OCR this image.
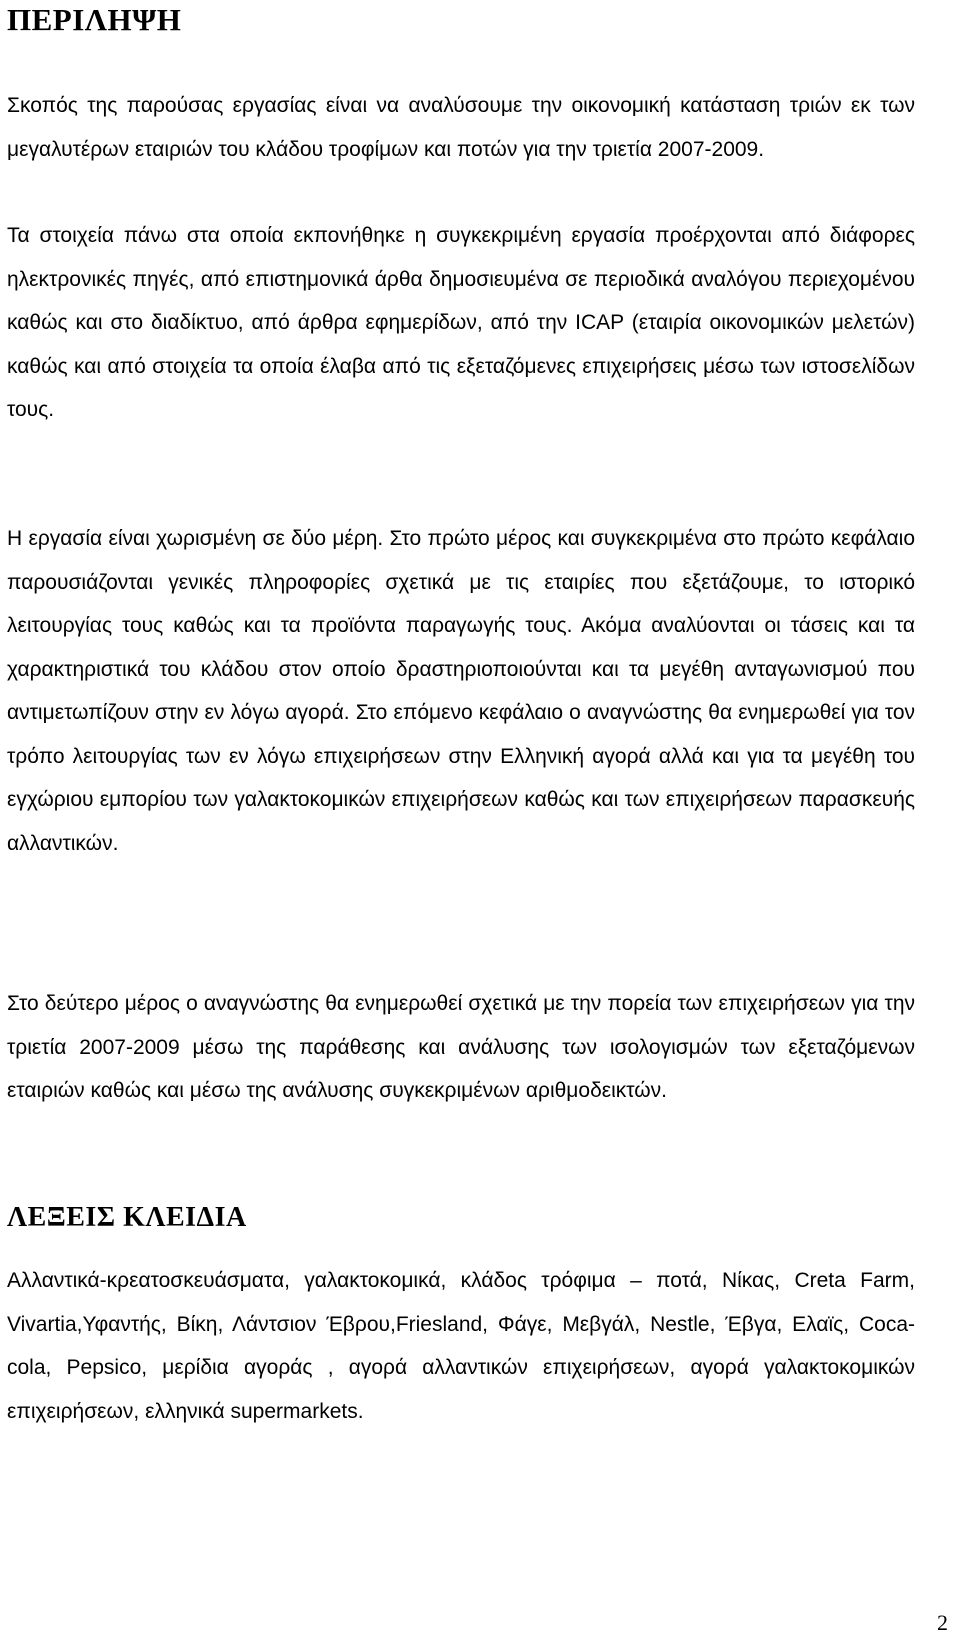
ΠΕΡΙΛΗΨΗ

Σκοπός της παρούσας εργασίας είναι να αναλύσουμε την οικονομική κατάσταση τριών εκ των μεγαλυτέρων εταιριών του κλάδου τροφίμων και ποτών για την τριετία 2007-2009.

Τα στοιχεία πάνω στα οποία εκπονήθηκε η συγκεκριμένη εργασία προέρχονται από διάφορες ηλεκτρονικές πηγές, από επιστημονικά άρθα δημοσιευμένα σε περιοδικά αναλόγου περιεχομένου καθώς και στο διαδίκτυο, από άρθρα εφημερίδων, από την ICAP (εταιρία οικονομικών μελετών) καθώς και από στοιχεία τα οποία έλαβα από τις εξεταζόμενες επιχειρήσεις μέσω των ιστοσελίδων τους.

Η εργασία είναι χωρισμένη σε δύο μέρη. Στο πρώτο μέρος και συγκεκριμένα στο πρώτο κεφάλαιο παρουσιάζονται γενικές πληροφορίες σχετικά με τις εταιρίες που εξετάζουμε, το ιστορικό λειτουργίας τους καθώς και τα προϊόντα παραγωγής τους. Ακόμα αναλύονται οι τάσεις και τα χαρακτηριστικά του κλάδου στον οποίο δραστηριοποιούνται και τα μεγέθη ανταγωνισμού που αντιμετωπίζουν στην εν λόγω αγορά. Στο επόμενο κεφάλαιο ο αναγνώστης θα ενημερωθεί για τον τρόπο λειτουργίας των εν λόγω επιχειρήσεων στην Ελληνική αγορά αλλά και για τα μεγέθη του εγχώριου εμπορίου των γαλακτοκομικών επιχειρήσεων καθώς και των επιχειρήσεων παρασκευής αλλαντικών.

Στο δεύτερο μέρος ο αναγνώστης θα ενημερωθεί σχετικά με την πορεία των επιχειρήσεων για την τριετία 2007-2009 μέσω της παράθεσης και ανάλυσης των ισολογισμών των εξεταζόμενων εταιριών καθώς και μέσω της ανάλυσης συγκεκριμένων αριθμοδεικτών.

ΛΕΞΕΙΣ ΚΛΕΙΔΙΑ

Αλλαντικά-κρεατοσκευάσματα, γαλακτοκομικά, κλάδος τρόφιμα – ποτά, Νίκας, Creta Farm, Vivartia,Υφαντής, Βίκη, Λάντσιον Έβρου,Friesland, Φάγε, Μεβγάλ, Nestle, Έβγα, Ελαϊς, Coca-cola, Pepsico, μερίδια αγοράς , αγορά αλλαντικών επιχειρήσεων, αγορά γαλακτοκομικών επιχειρήσεων, ελληνικά supermarkets.

2
